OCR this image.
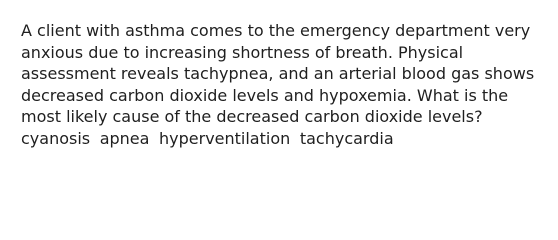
A client with asthma comes to the emergency department very
anxious due to increasing shortness of breath. Physical
assessment reveals tachypnea, and an arterial blood gas shows
decreased carbon dioxide levels and hypoxemia. What is the
most likely cause of the decreased carbon dioxide levels?
cyanosis apnea hyperventilation tachycardia
